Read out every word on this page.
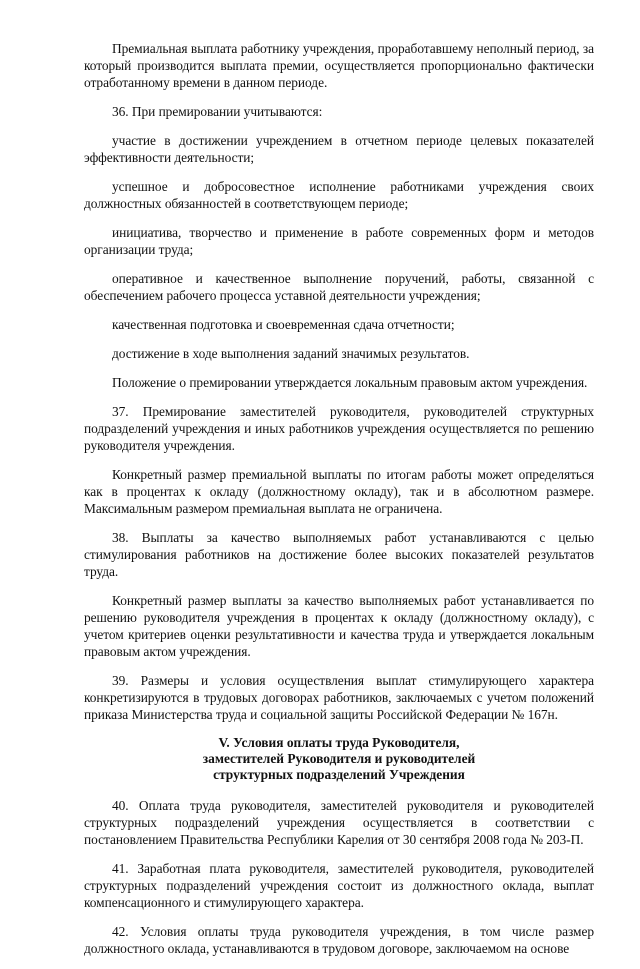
Премиальная выплата работнику учреждения, проработавшему неполный период, за который производится выплата премии, осуществляется пропорционально фактически отработанному времени в данном периоде.

36. При премировании учитываются:

участие в достижении учреждением в отчетном периоде целевых показателей эффективности деятельности;

успешное и добросовестное исполнение работниками учреждения своих должностных обязанностей в соответствующем периоде;

инициатива, творчество и применение в работе современных форм и методов организации труда;

оперативное и качественное выполнение поручений, работы, связанной с обеспечением рабочего процесса уставной деятельности учреждения;

качественная подготовка и своевременная сдача отчетности;

достижение в ходе выполнения заданий значимых результатов.

Положение о премировании утверждается локальным правовым актом учреждения.

37. Премирование заместителей руководителя, руководителей структурных подразделений учреждения и иных работников учреждения осуществляется по решению руководителя учреждения.

Конкретный размер премиальной выплаты по итогам работы может определяться как в процентах к окладу (должностному окладу), так и в абсолютном размере. Максимальным размером премиальная выплата не ограничена.

38. Выплаты за качество выполняемых работ устанавливаются с целью стимулирования работников на достижение более высоких показателей результатов труда.

Конкретный размер выплаты за качество выполняемых работ устанавливается по решению руководителя учреждения в процентах к окладу (должностному окладу), с учетом критериев оценки результативности и качества труда и утверждается локальным правовым актом учреждения.

39. Размеры и условия осуществления выплат стимулирующего характера конкретизируются в трудовых договорах работников, заключаемых с учетом положений приказа Министерства труда и социальной защиты Российской Федерации № 167н.

V. Условия оплаты труда Руководителя,
заместителей Руководителя и руководителей
структурных подразделений Учреждения

40. Оплата труда руководителя, заместителей руководителя и руководителей структурных подразделений учреждения осуществляется в соответствии с постановлением Правительства Республики Карелия от 30 сентября 2008 года № 203-П.

41. Заработная плата руководителя, заместителей руководителя, руководителей структурных подразделений учреждения состоит из должностного оклада, выплат компенсационного и стимулирующего характера.

42. Условия оплаты труда руководителя учреждения, в том числе размер должностного оклада, устанавливаются в трудовом договоре, заключаемом на основе
